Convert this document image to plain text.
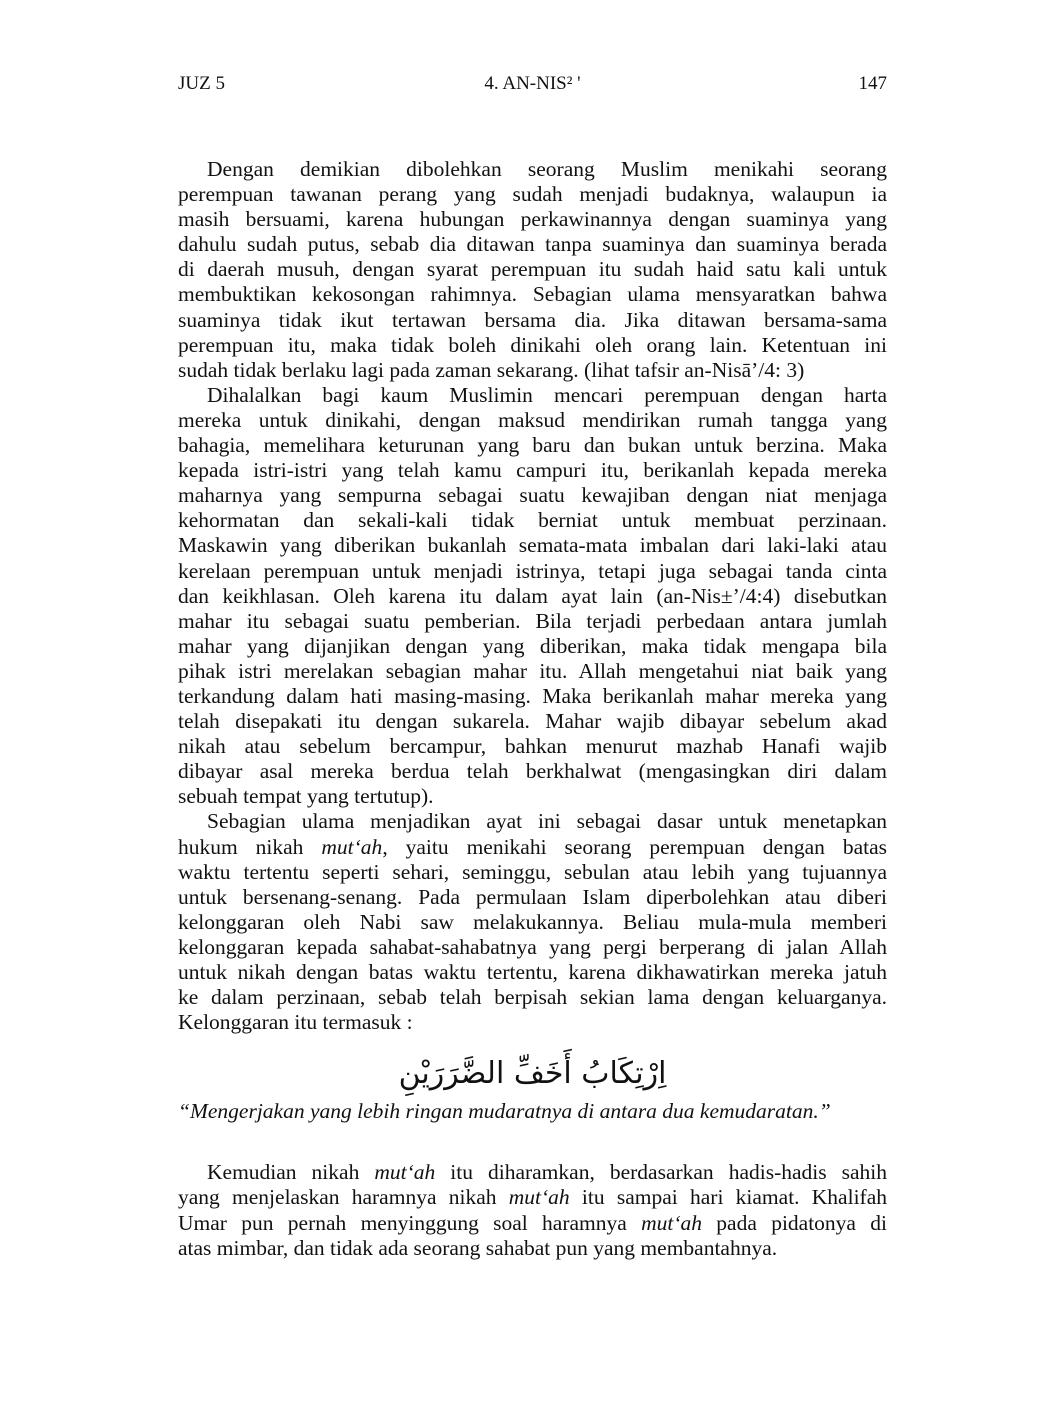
JUZ 5	4. AN-NIS² '	147

Dengan demikian dibolehkan seorang Muslim menikahi seorang
perempuan tawanan perang yang sudah menjadi budaknya, walaupun ia
masih bersuami, karena hubungan perkawinannya dengan suaminya yang
dahulu sudah putus, sebab dia ditawan tanpa suaminya dan suaminya berada
di daerah musuh, dengan syarat perempuan itu sudah haid satu kali untuk
membuktikan kekosongan rahimnya. Sebagian ulama mensyaratkan bahwa
suaminya tidak ikut tertawan bersama dia. Jika ditawan bersama-sama
perempuan itu, maka tidak boleh dinikahi oleh orang lain. Ketentuan ini
sudah tidak berlaku lagi pada zaman sekarang. (lihat tafsir an-Nisā’/4: 3)

Dihalalkan bagi kaum Muslimin mencari perempuan dengan harta
mereka untuk dinikahi, dengan maksud mendirikan rumah tangga yang
bahagia, memelihara keturunan yang baru dan bukan untuk berzina. Maka
kepada istri-istri yang telah kamu campuri itu, berikanlah kepada mereka
maharnya yang sempurna sebagai suatu kewajiban dengan niat menjaga
kehormatan dan sekali-kali tidak berniat untuk membuat perzinaan.
Maskawin yang diberikan bukanlah semata-mata imbalan dari laki-laki atau
kerelaan perempuan untuk menjadi istrinya, tetapi juga sebagai tanda cinta
dan keikhlasan. Oleh karena itu dalam ayat lain (an-Nis±’/4:4) disebutkan
mahar itu sebagai suatu pemberian. Bila terjadi perbedaan antara jumlah
mahar yang dijanjikan dengan yang diberikan, maka tidak mengapa bila
pihak istri merelakan sebagian mahar itu. Allah mengetahui niat baik yang
terkandung dalam hati masing-masing. Maka berikanlah mahar mereka yang
telah disepakati itu dengan sukarela. Mahar wajib dibayar sebelum akad
nikah atau sebelum bercampur, bahkan menurut mazhab Hanafi wajib
dibayar asal mereka berdua telah berkhalwat (mengasingkan diri dalam
sebuah tempat yang tertutup).

Sebagian ulama menjadikan ayat ini sebagai dasar untuk menetapkan
hukum nikah mut‘ah, yaitu menikahi seorang perempuan dengan batas
waktu tertentu seperti sehari, seminggu, sebulan atau lebih yang tujuannya
untuk bersenang-senang. Pada permulaan Islam diperbolehkan atau diberi
kelonggaran oleh Nabi saw melakukannya. Beliau mula-mula memberi
kelonggaran kepada sahabat-sahabatnya yang pergi berperang di jalan Allah
untuk nikah dengan batas waktu tertentu, karena dikhawatirkan mereka jatuh
ke dalam perzinaan, sebab telah berpisah sekian lama dengan keluarganya.
Kelonggaran itu termasuk :

اِرْتِكَابُ أَخَفِّ الضَّرَرَيْنِ

“Mengerjakan yang lebih ringan mudaratnya di antara dua kemudaratan.”

Kemudian nikah mut‘ah itu diharamkan, berdasarkan hadis-hadis sahih
yang menjelaskan haramnya nikah mut‘ah itu sampai hari kiamat. Khalifah
Umar pun pernah menyinggung soal haramnya mut‘ah pada pidatonya di
atas mimbar, dan tidak ada seorang sahabat pun yang membantahnya.
